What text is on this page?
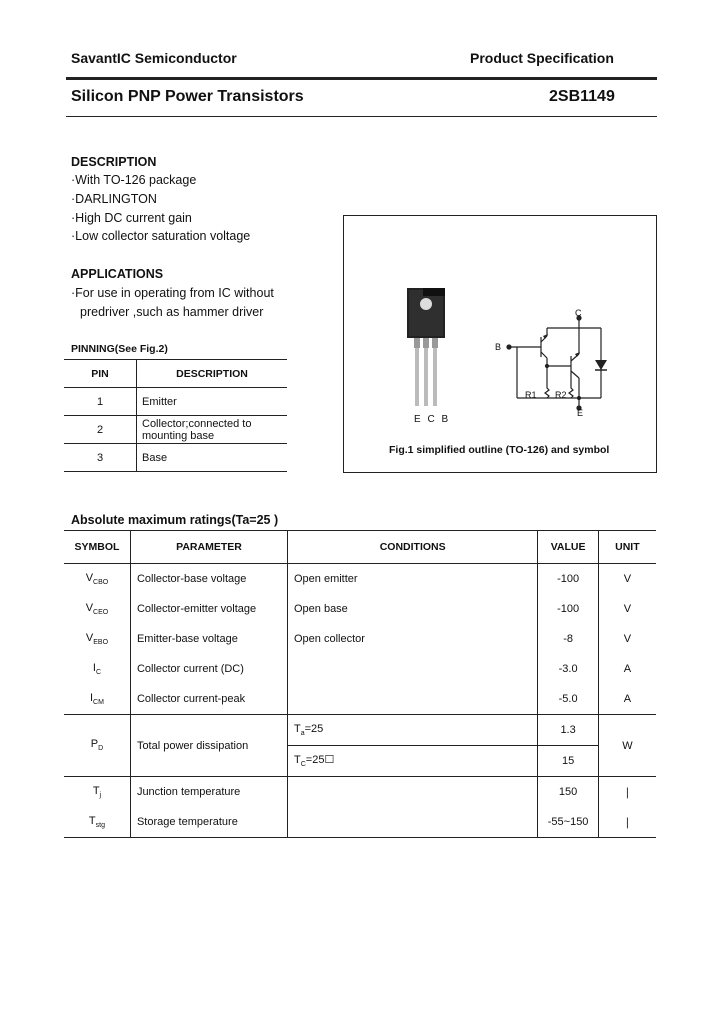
SavantIC Semiconductor	Product Specification
Silicon PNP Power Transistors	2SB1149
DESCRIPTION
·With TO-126 package
·DARLINGTON
·High DC current gain
·Low collector saturation voltage
APPLICATIONS
·For use in operating from IC without
predriver ,such as hammer driver
PINNING(See Fig.2)
PIN	DESCRIPTION
1	Emitter
2	Collector;connected to mounting base
3	Base
E C B
C
B
E
R1 R2
Fig.1 simplified outline (TO-126) and symbol
Absolute maximum ratings(Ta=25 )
SYMBOL	PARAMETER	CONDITIONS	VALUE	UNIT
$V_{CBO}$	Collector-base voltage	Open emitter	-100	V
$V_{CEO}$	Collector-emitter voltage	Open base	-100	V
$V_{EBO}$	Emitter-base voltage	Open collector	-8	V
$I_C$	Collector current (DC)		-3.0	A
$I_{CM}$	Collector current-peak		-5.0	A
$P_D$	Total power dissipation	$T_a=25$	1.3	W
		$T_C=25☐$	15	
$T_j$	Junction temperature		150	∣
$T_{stg}$	Storage temperature		-55~150	∣
